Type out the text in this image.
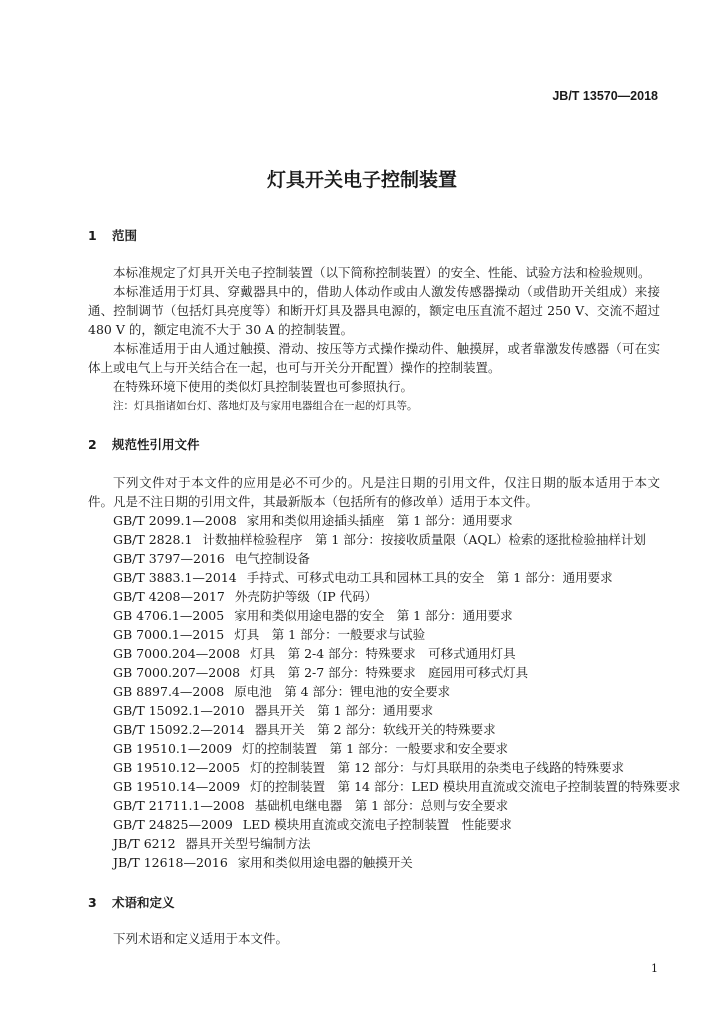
JB/T 13570—2018
灯具开关电子控制装置
1 范围

本标准规定了灯具开关电子控制装置（以下简称控制装置）的安全、性能、试验方法和检验规则。

本标准适用于灯具、穿戴器具中的，借助人体动作或由人激发传感器操动（或借助开关组成）来接通、控制调节（包括灯具亮度等）和断开灯具及器具电源的，额定电压直流不超过 250 V、交流不超过 480 V 的，额定电流不大于 30 A 的控制装置。

本标准适用于由人通过触摸、滑动、按压等方式操作操动件、触摸屏，或者靠激发传感器（可在实体上或电气上与开关结合在一起，也可与开关分开配置）操作的控制装置。

在特殊环境下使用的类似灯具控制装置也可参照执行。

注：灯具指诸如台灯、落地灯及与家用电器组合在一起的灯具等。
2 规范性引用文件

下列文件对于本文件的应用是必不可少的。凡是注日期的引用文件，仅注日期的版本适用于本文件。凡是不注日期的引用文件，其最新版本（包括所有的修改单）适用于本文件。

GB/T 2099.1—2008 家用和类似用途插头插座　第 1 部分：通用要求
GB/T 2828.1 计数抽样检验程序　第 1 部分：按接收质量限（AQL）检索的逐批检验抽样计划
GB/T 3797—2016 电气控制设备
GB/T 3883.1—2014 手持式、可移式电动工具和园林工具的安全　第 1 部分：通用要求
GB/T 4208—2017 外壳防护等级（IP 代码）
GB 4706.1—2005 家用和类似用途电器的安全　第 1 部分：通用要求
GB 7000.1—2015 灯具　第 1 部分：一般要求与试验
GB 7000.204—2008 灯具　第 2-4 部分：特殊要求　可移式通用灯具
GB 7000.207—2008 灯具　第 2-7 部分：特殊要求　庭园用可移式灯具
GB 8897.4—2008 原电池　第 4 部分：锂电池的安全要求
GB/T 15092.1—2010 器具开关　第 1 部分：通用要求
GB/T 15092.2—2014 器具开关　第 2 部分：软线开关的特殊要求
GB 19510.1—2009 灯的控制装置　第 1 部分：一般要求和安全要求
GB 19510.12—2005 灯的控制装置　第 12 部分：与灯具联用的杂类电子线路的特殊要求
GB 19510.14—2009 灯的控制装置　第 14 部分：LED 模块用直流或交流电子控制装置的特殊要求
GB/T 21711.1—2008 基础机电继电器　第 1 部分：总则与安全要求
GB/T 24825—2009 LED 模块用直流或交流电子控制装置　性能要求
JB/T 6212 器具开关型号编制方法
JB/T 12618—2016 家用和类似用途电器的触摸开关
3 术语和定义

下列术语和定义适用于本文件。

1
